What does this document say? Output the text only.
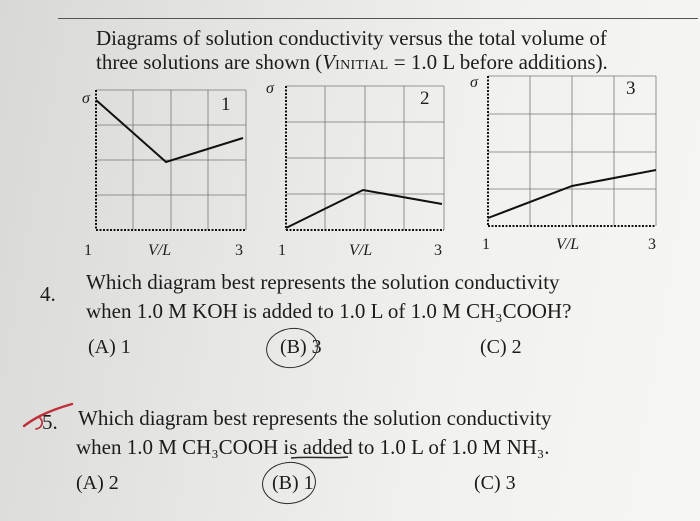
Diagrams of solution conductivity versus the total volume of
three solutions are shown (VINITIAL = 1.0 L before additions).
σ	1
1	V/L	3
σ	2
1	V/L	3
σ	3
1	V/L	3
4. Which diagram best represents the solution conductivity
when 1.0 M KOH is added to 1.0 L of 1.0 M CH₃COOH?
(A) 1	(B) 3	(C) 2
5. Which diagram best represents the solution conductivity
when 1.0 M CH₃COOH is added to 1.0 L of 1.0 M NH₃.
(A) 2	(B) 1	(C) 3
